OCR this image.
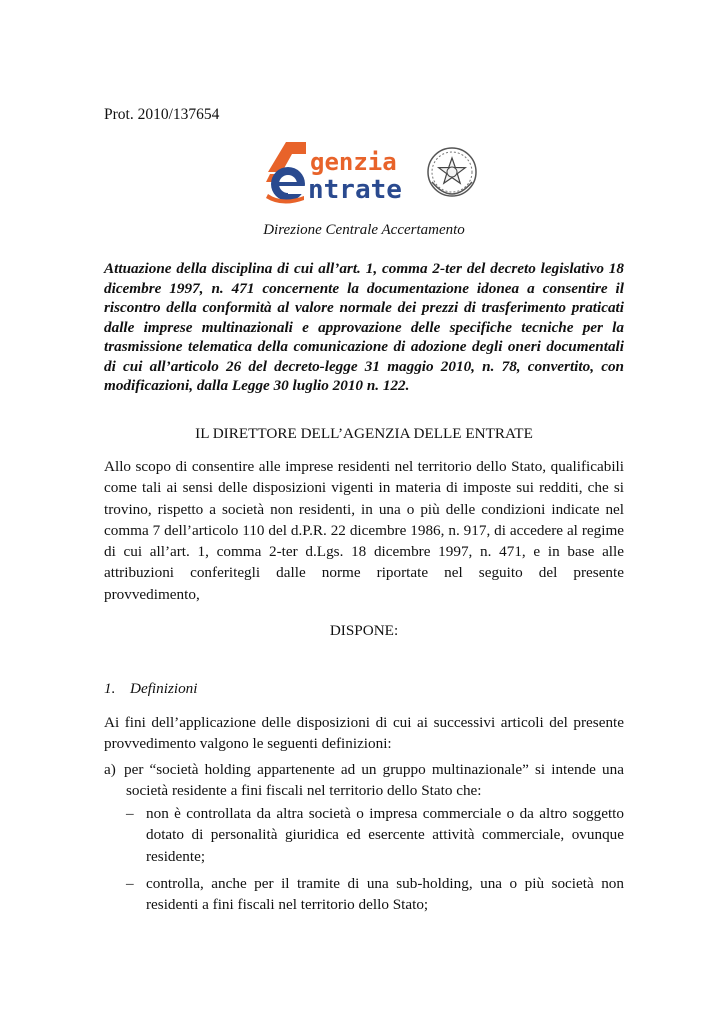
Prot. 2010/137654
genzia
ntrate
Direzione Centrale Accertamento
Attuazione della disciplina di cui all’art. 1, comma 2-ter del decreto legislativo 18 dicembre 1997, n. 471 concernente la documentazione idonea a consentire il riscontro della conformità al valore normale dei prezzi di trasferimento praticati dalle imprese multinazionali e approvazione delle specifiche tecniche per la trasmissione telematica della comunicazione di adozione degli oneri documentali di cui all’articolo 26 del decreto-legge 31 maggio 2010, n. 78, convertito, con modificazioni, dalla Legge 30 luglio 2010 n. 122.
IL DIRETTORE DELL’AGENZIA DELLE ENTRATE
Allo scopo di consentire alle imprese residenti nel territorio dello Stato, qualificabili come tali ai sensi delle disposizioni vigenti in materia di imposte sui redditi, che si trovino, rispetto a società non residenti, in una o più delle condizioni indicate nel comma 7 dell’articolo 110 del d.P.R. 22 dicembre 1986, n. 917, di accedere al regime di cui all’art. 1, comma 2-ter d.Lgs. 18 dicembre 1997, n. 471, e in base alle attribuzioni conferitegli dalle norme riportate nel seguito del presente provvedimento,
DISPONE:
1. Definizioni
Ai fini dell’applicazione delle disposizioni di cui ai successivi articoli del presente provvedimento valgono le seguenti definizioni:
a) per “società holding appartenente ad un gruppo multinazionale” si intende una società residente a fini fiscali nel territorio dello Stato che:
– non è controllata da altra società o impresa commerciale o da altro soggetto dotato di personalità giuridica ed esercente attività commerciale, ovunque residente;
– controlla, anche per il tramite di una sub-holding, una o più società non residenti a fini fiscali nel territorio dello Stato;
